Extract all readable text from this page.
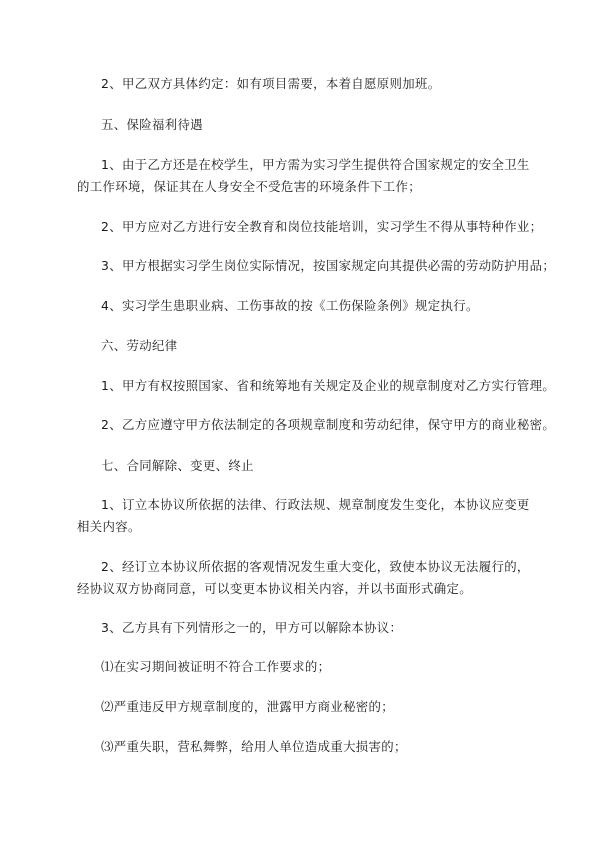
2、甲乙双方具体约定：如有项目需要，本着自愿原则加班。

五、保险福利待遇

1、由于乙方还是在校学生，甲方需为实习学生提供符合国家规定的安全卫生的工作环境，保证其在人身安全不受危害的环境条件下工作；

2、甲方应对乙方进行安全教育和岗位技能培训，实习学生不得从事特种作业；

3、甲方根据实习学生岗位实际情况，按国家规定向其提供必需的劳动防护用品；

4、实习学生患职业病、工伤事故的按《工伤保险条例》规定执行。

六、劳动纪律

1、甲方有权按照国家、省和统筹地有关规定及企业的规章制度对乙方实行管理。

2、乙方应遵守甲方依法制定的各项规章制度和劳动纪律，保守甲方的商业秘密。

七、合同解除、变更、终止

1、订立本协议所依据的法律、行政法规、规章制度发生变化，本协议应变更相关内容。

2、经订立本协议所依据的客观情况发生重大变化，致使本协议无法履行的，经协议双方协商同意，可以变更本协议相关内容，并以书面形式确定。

3、乙方具有下列情形之一的，甲方可以解除本协议：

⑴在实习期间被证明不符合工作要求的；

⑵严重违反甲方规章制度的，泄露甲方商业秘密的；

⑶严重失职，营私舞弊，给用人单位造成重大损害的；
